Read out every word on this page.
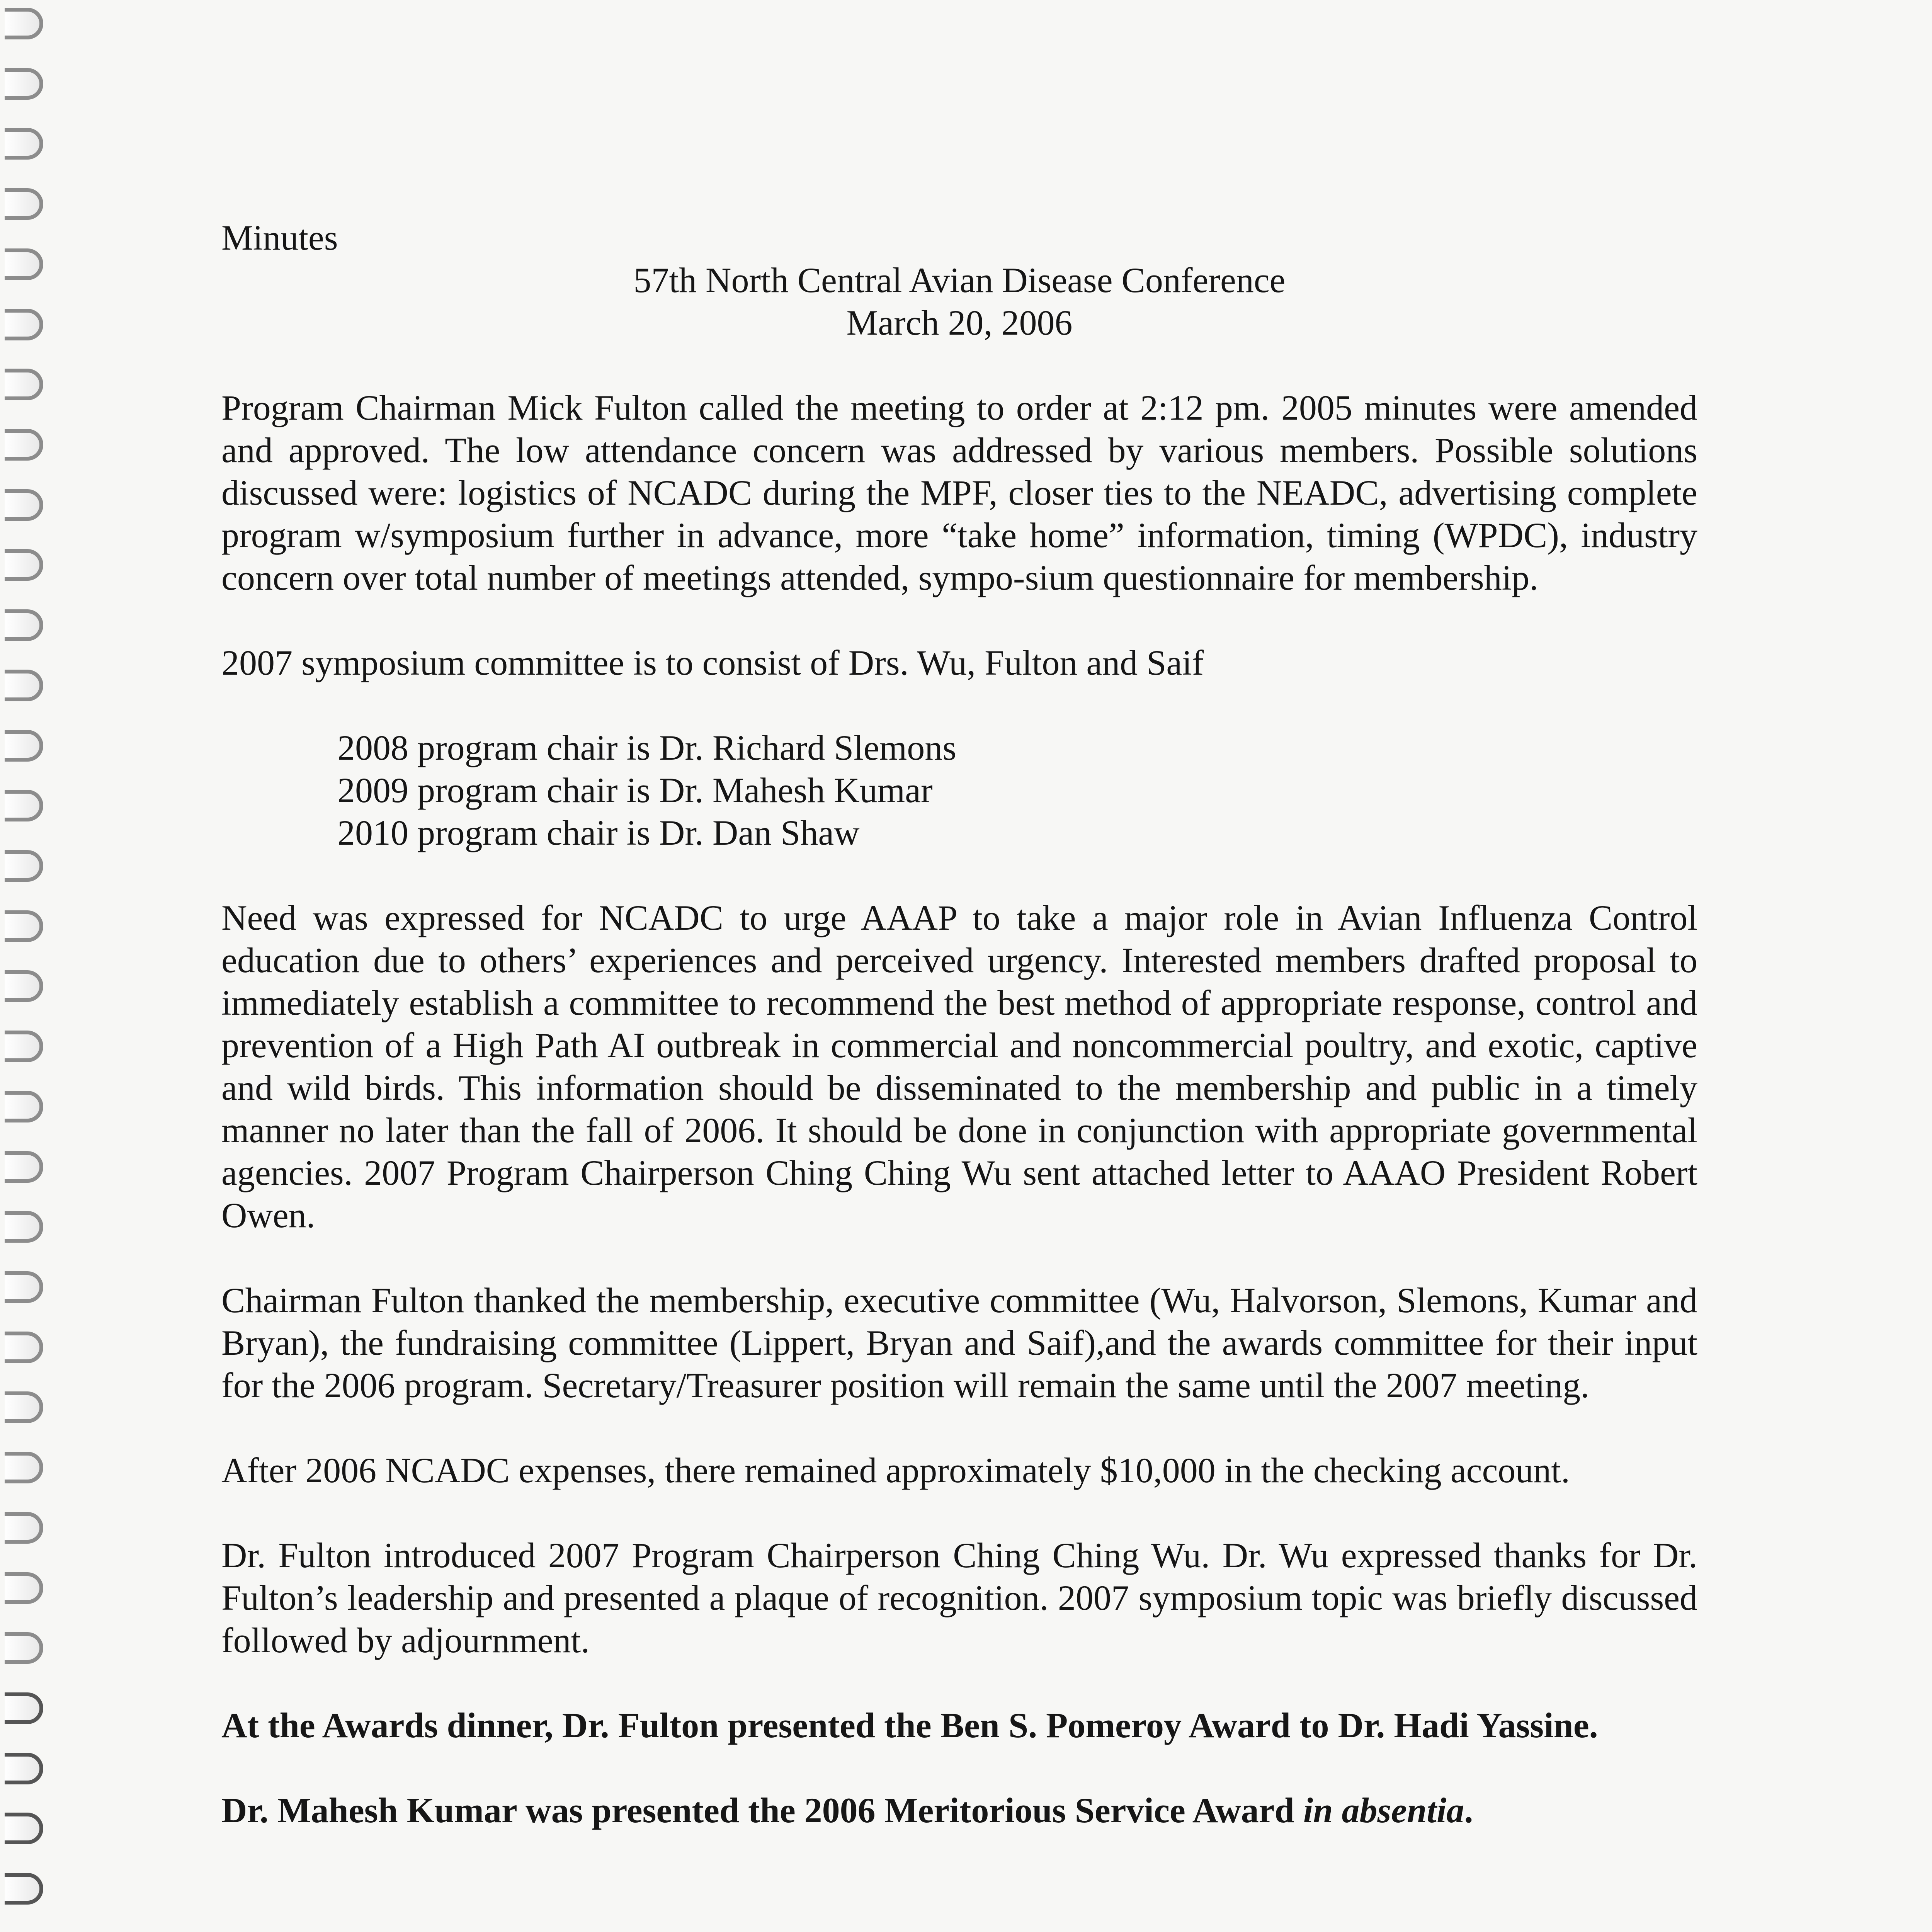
Minutes
57th North Central Avian Disease Conference
March 20, 2006

Program Chairman Mick Fulton called the meeting to order at 2:12 pm. 2005 minutes were amended and approved. The low attendance concern was addressed by various members. Possible solutions discussed were: logistics of NCADC during the MPF, closer ties to the NEADC, advertising complete program w/symposium further in advance, more “take home” information, timing (WPDC), industry concern over total number of meetings attended, sympo-sium questionnaire for membership.

2007 symposium committee is to consist of Drs. Wu, Fulton and Saif

2008 program chair is Dr. Richard Slemons
2009 program chair is Dr. Mahesh Kumar
2010 program chair is Dr. Dan Shaw

Need was expressed for NCADC to urge AAAP to take a major role in Avian Influenza Control education due to others’ experiences and perceived urgency. Interested members drafted proposal to immediately establish a committee to recommend the best method of appropriate response, control and prevention of a High Path AI outbreak in commercial and noncommercial poultry, and exotic, captive and wild birds. This information should be disseminated to the membership and public in a timely manner no later than the fall of 2006. It should be done in conjunction with appropriate governmental agencies. 2007 Program Chairperson Ching Ching Wu sent attached letter to AAAO President Robert Owen.

Chairman Fulton thanked the membership, executive committee (Wu, Halvorson, Slemons, Kumar and Bryan), the fundraising committee (Lippert, Bryan and Saif),and the awards committee for their input for the 2006 program. Secretary/Treasurer position will remain the same until the 2007 meeting.

After 2006 NCADC expenses, there remained approximately $10,000 in the checking account.

Dr. Fulton introduced 2007 Program Chairperson Ching Ching Wu. Dr. Wu expressed thanks for Dr. Fulton’s leadership and presented a plaque of recognition. 2007 symposium topic was briefly discussed followed by adjournment.

At the Awards dinner, Dr. Fulton presented the Ben S. Pomeroy Award to Dr. Hadi Yassine.

Dr. Mahesh Kumar was presented the 2006 Meritorious Service Award in absentia.
